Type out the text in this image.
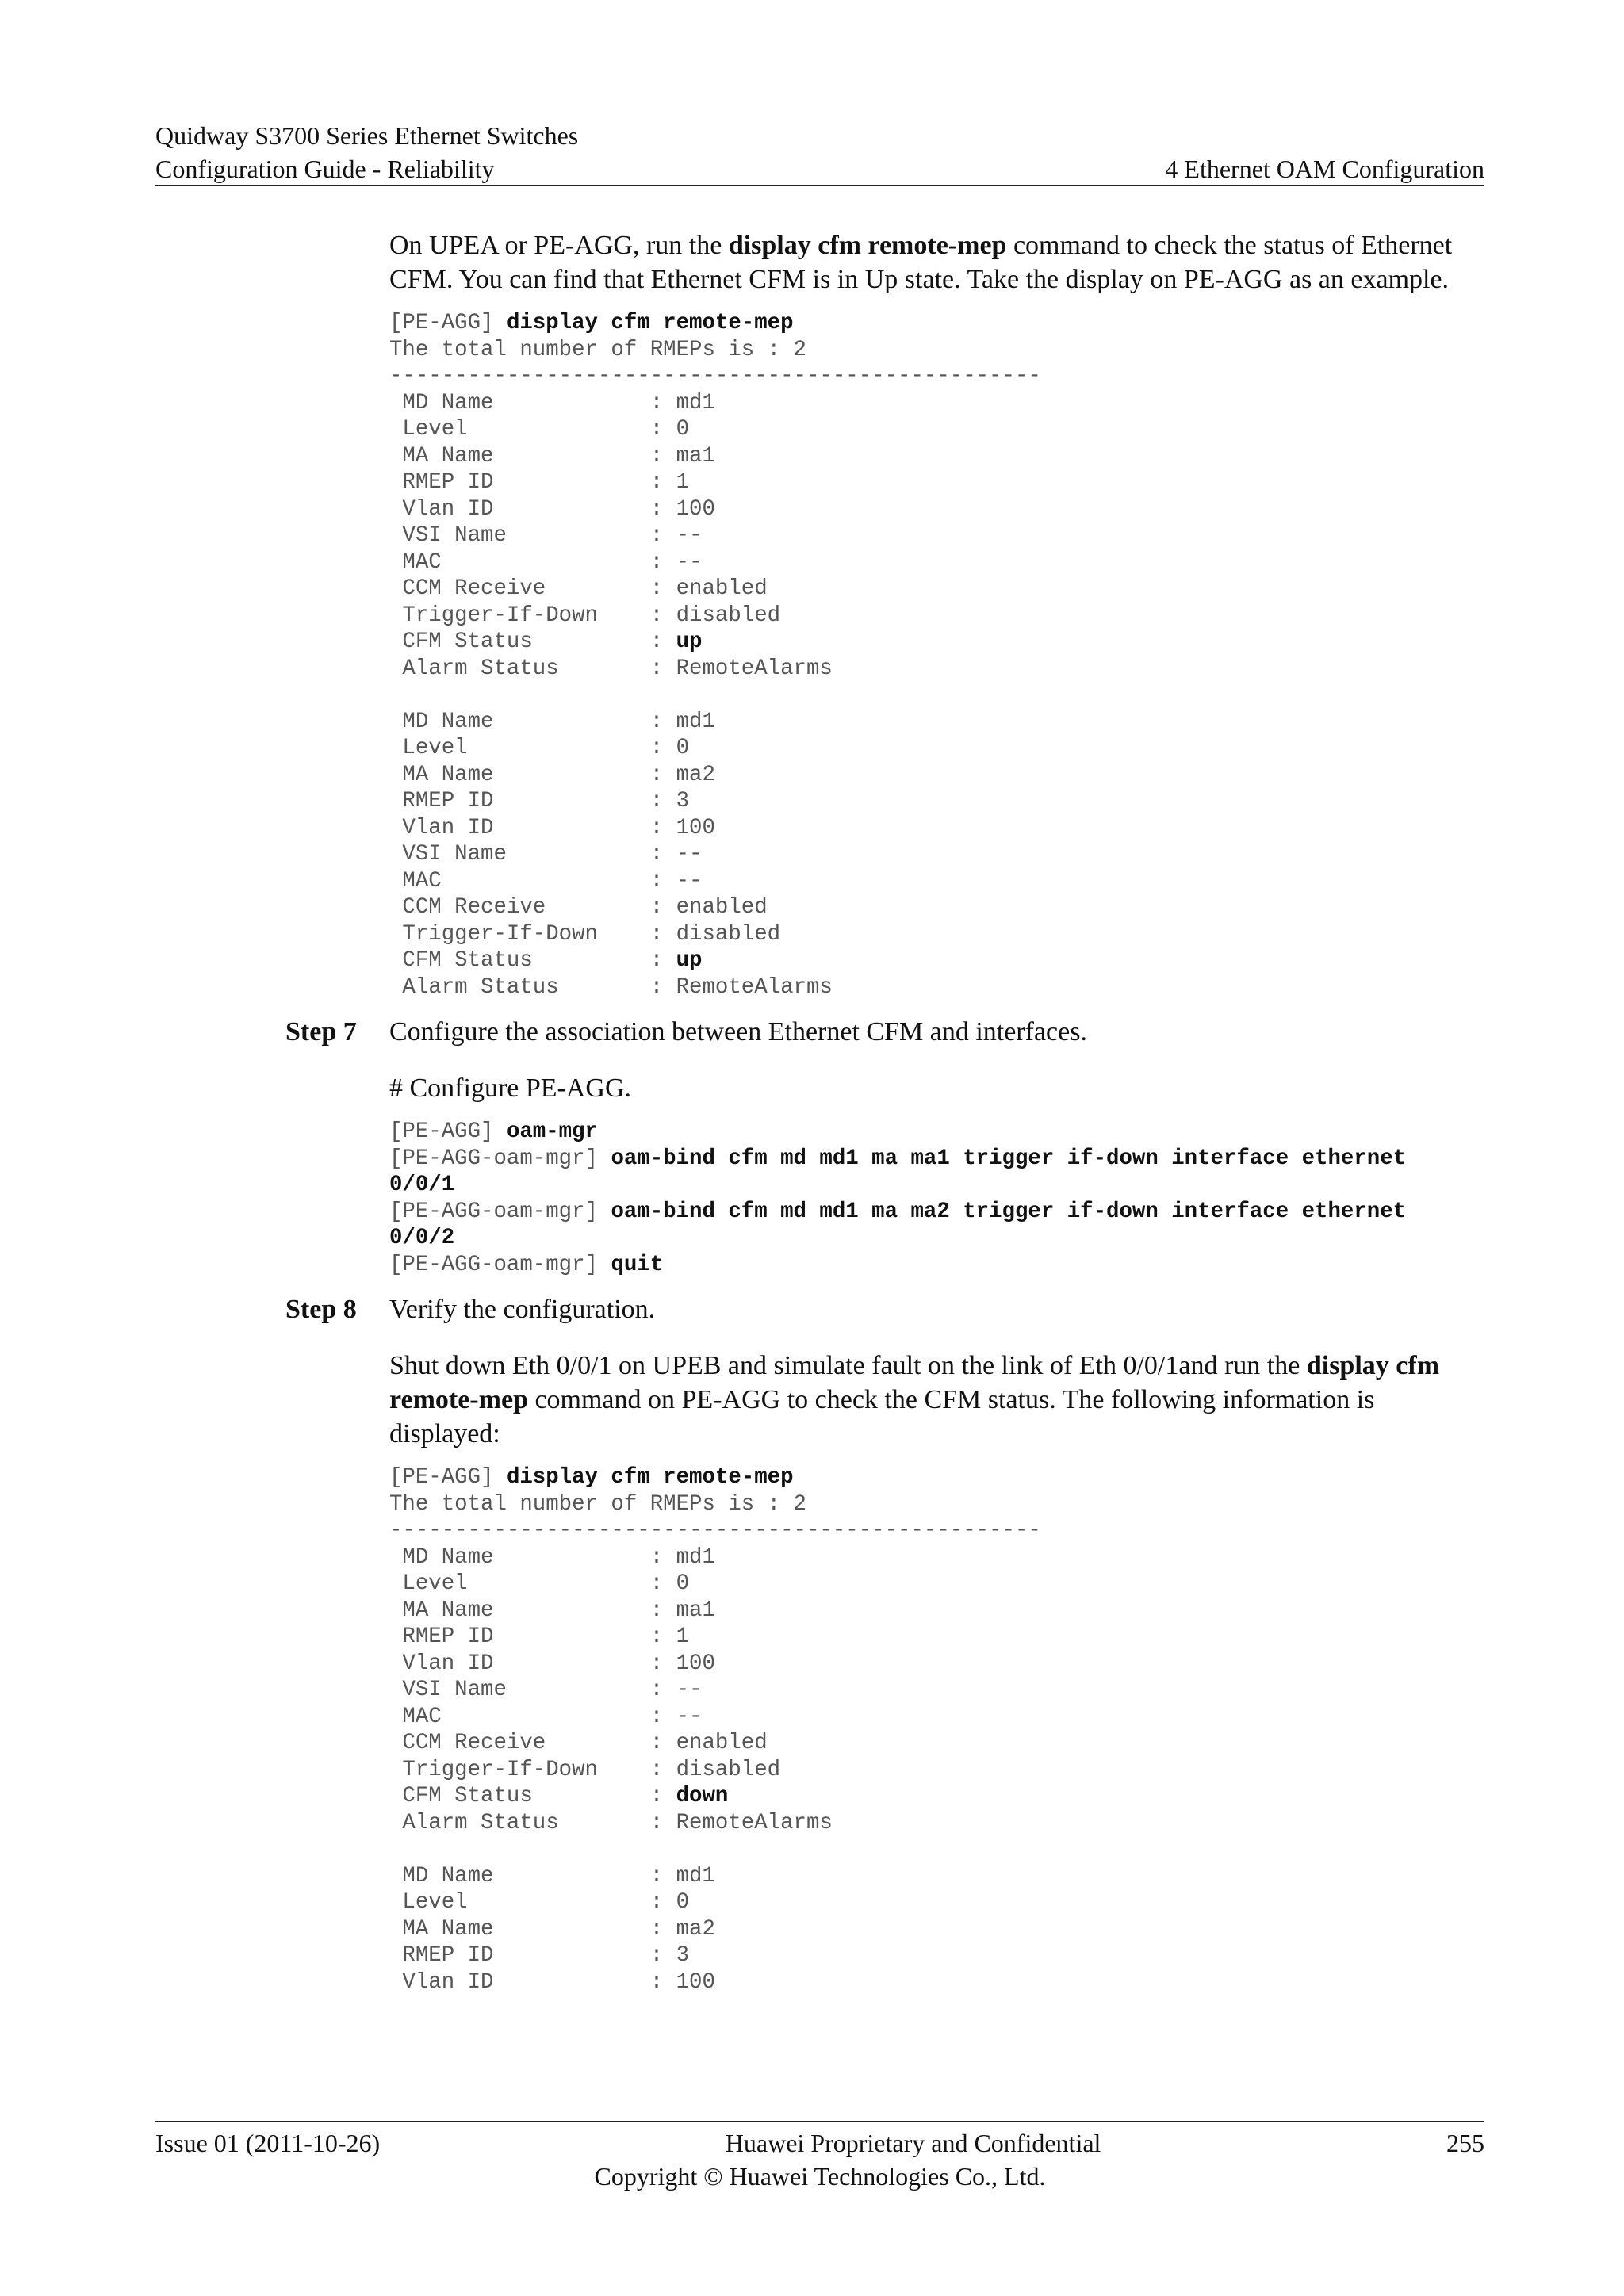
Quidway S3700 Series Ethernet Switches
Configuration Guide - Reliability	4 Ethernet OAM Configuration

On UPEA or PE-AGG, run the display cfm remote-mep command to check the status of Ethernet CFM. You can find that Ethernet CFM is in Up state. Take the display on PE-AGG as an example.

[PE-AGG] display cfm remote-mep
The total number of RMEPs is : 2
--------------------------------------------------
MD Name            : md1
Level              : 0
MA Name            : ma1
RMEP ID            : 1
Vlan ID            : 100
VSI Name           : --
MAC                : --
CCM Receive        : enabled
Trigger-If-Down    : disabled
CFM Status         : up
Alarm Status       : RemoteAlarms

MD Name            : md1
Level              : 0
MA Name            : ma2
RMEP ID            : 3
Vlan ID            : 100
VSI Name           : --
MAC                : --
CCM Receive        : enabled
Trigger-If-Down    : disabled
CFM Status         : up
Alarm Status       : RemoteAlarms
Step 7 Configure the association between Ethernet CFM and interfaces.

# Configure PE-AGG.

[PE-AGG] oam-mgr
[PE-AGG-oam-mgr] oam-bind cfm md md1 ma ma1 trigger if-down interface ethernet
0/0/1
[PE-AGG-oam-mgr] oam-bind cfm md md1 ma ma2 trigger if-down interface ethernet
0/0/2
[PE-AGG-oam-mgr] quit
Step 8 Verify the configuration.

Shut down Eth 0/0/1 on UPEB and simulate fault on the link of Eth 0/0/1and run the display cfm remote-mep command on PE-AGG to check the CFM status. The following information is displayed:

[PE-AGG] display cfm remote-mep
The total number of RMEPs is : 2
--------------------------------------------------
MD Name            : md1
Level              : 0
MA Name            : ma1
RMEP ID            : 1
Vlan ID            : 100
VSI Name           : --
MAC                : --
CCM Receive        : enabled
Trigger-If-Down    : disabled
CFM Status         : down
Alarm Status       : RemoteAlarms

MD Name            : md1
Level              : 0
MA Name            : ma2
RMEP ID            : 3
Vlan ID            : 100
Issue 01 (2011-10-26)	Huawei Proprietary and Confidential	255
Copyright © Huawei Technologies Co., Ltd.
